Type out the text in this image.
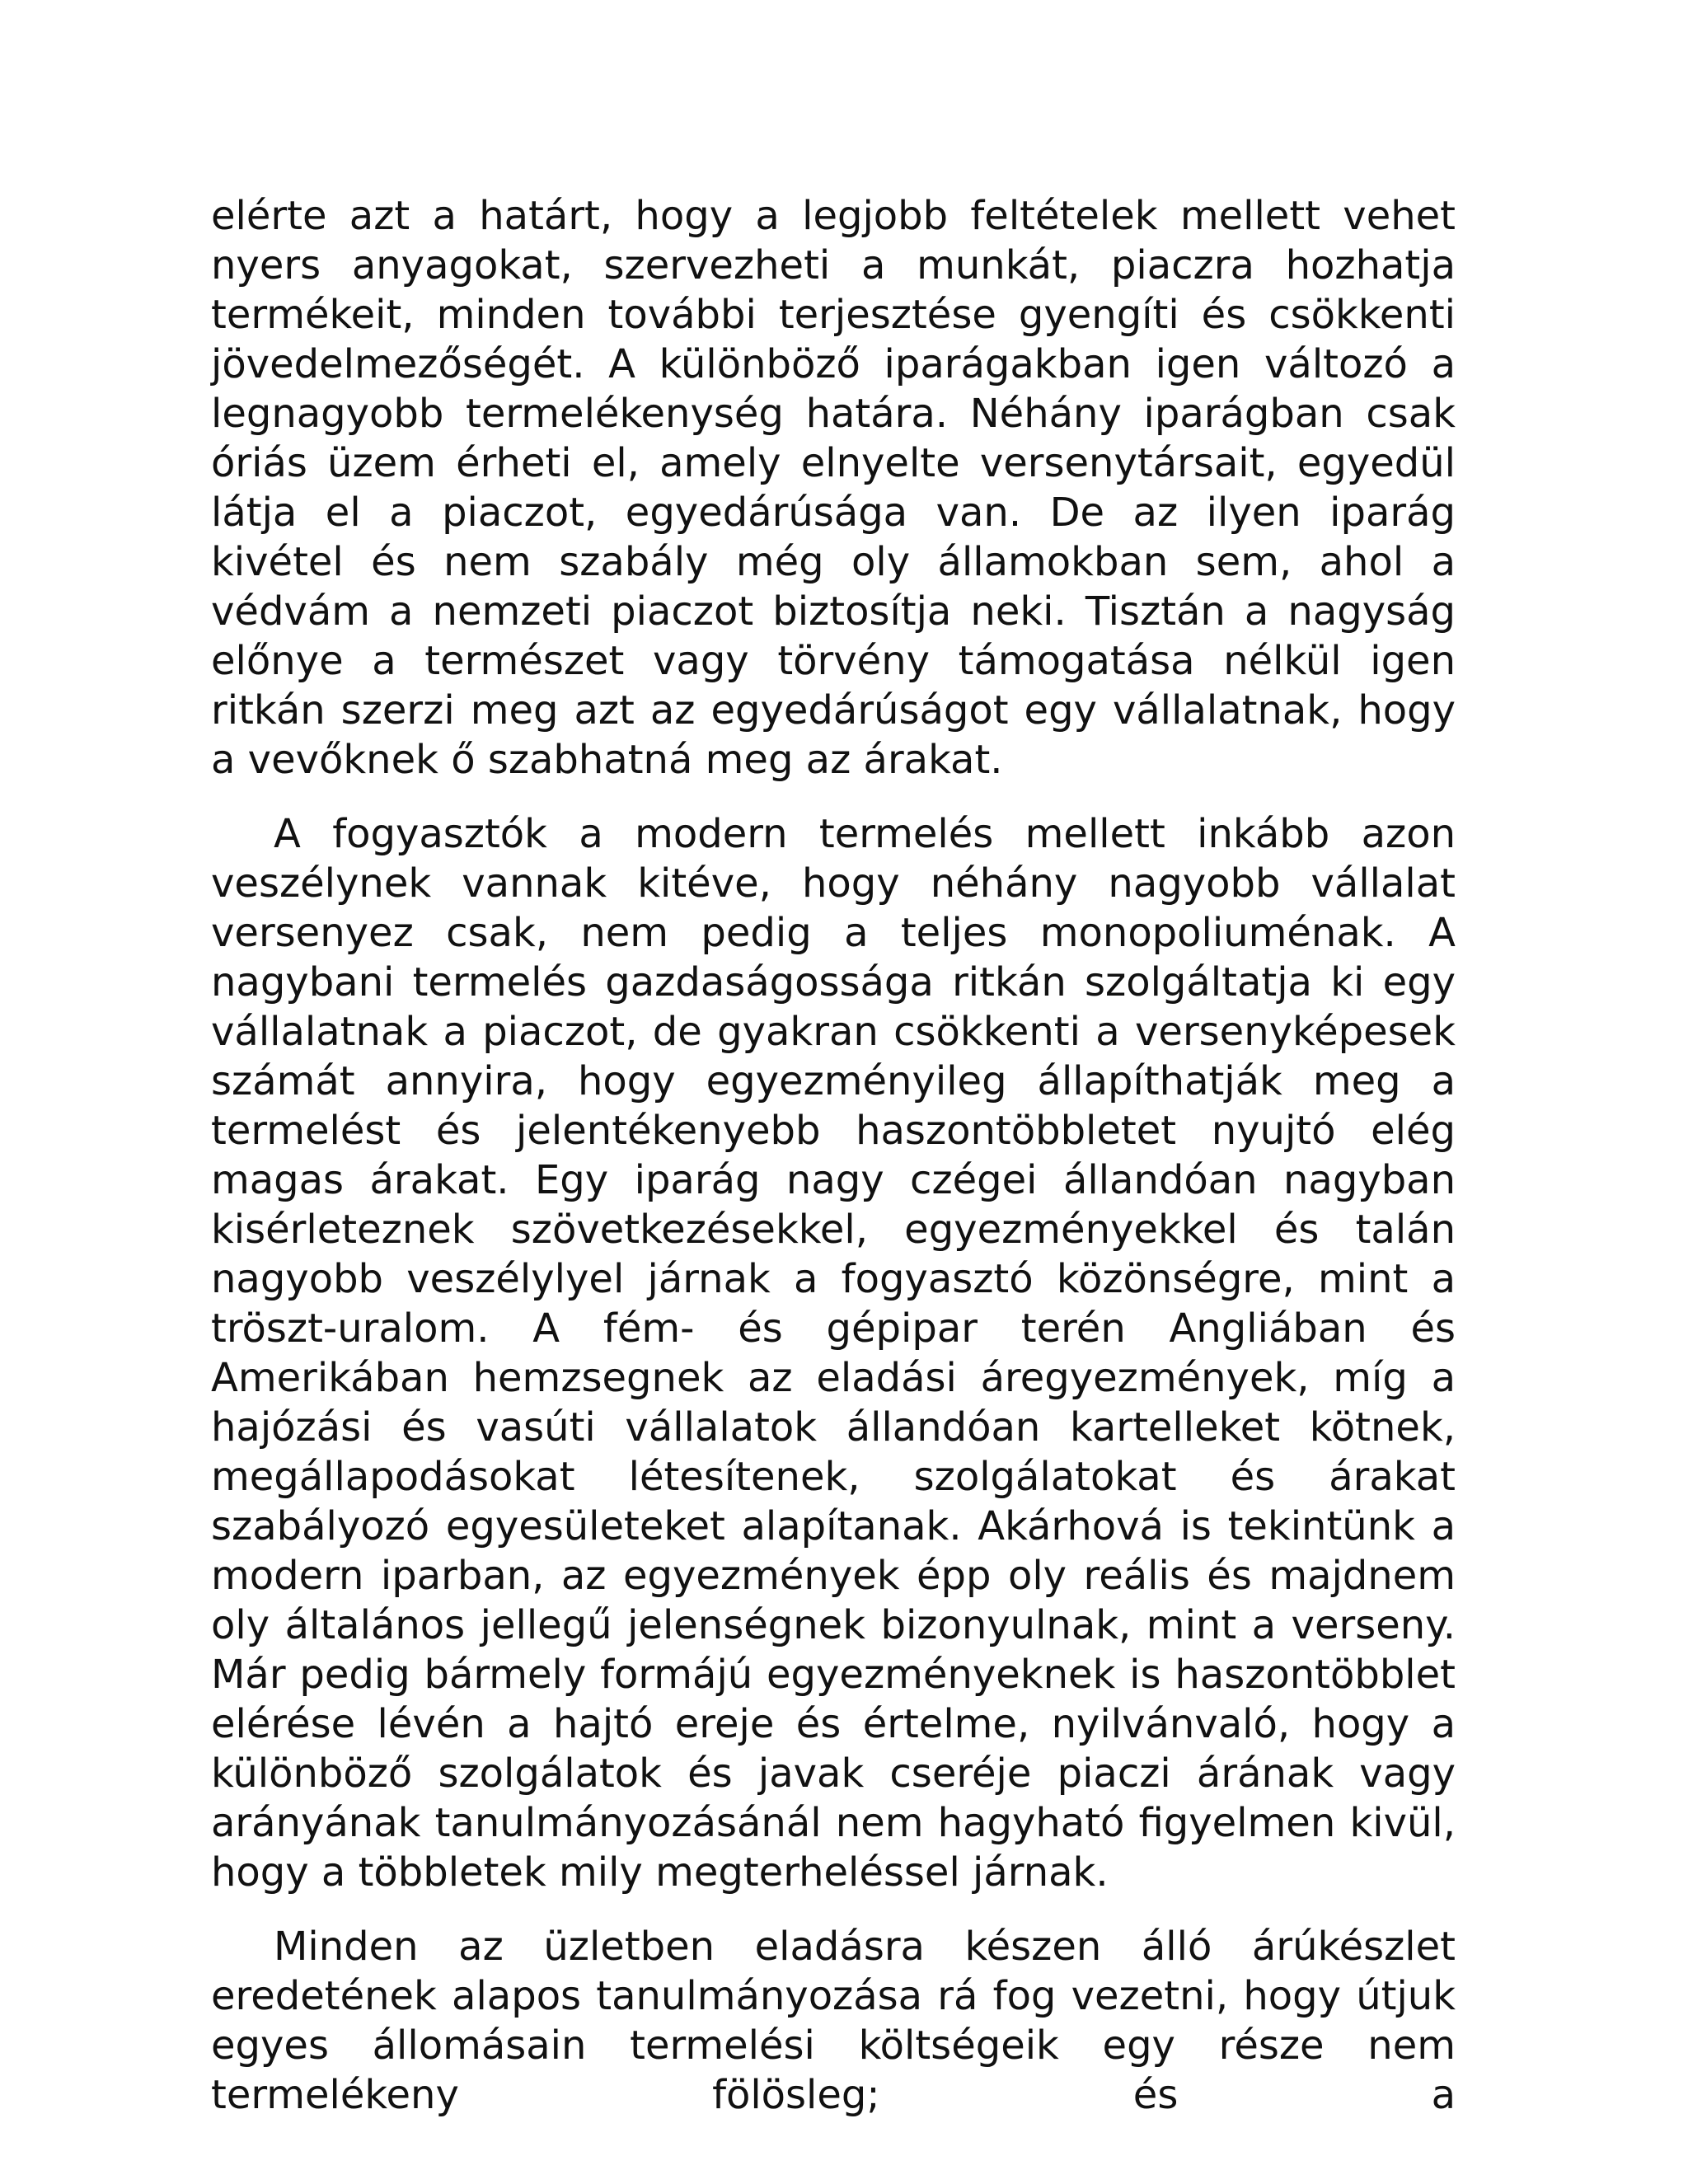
elérte azt a határt, hogy a legjobb feltételek mellett vehet nyers anyagokat, szervezheti a munkát, piaczra hozhatja termékeit, minden további terjesztése gyengíti és csökkenti jövedelmezőségét. A különböző iparágakban igen változó a legnagyobb termelékenység határa. Néhány iparágban csak óriás üzem érheti el, amely elnyelte versenytársait, egyedül látja el a piaczot, egyedárúsága van. De az ilyen iparág kivétel és nem szabály még oly államokban sem, ahol a védvám a nemzeti piaczot biztosítja neki. Tisztán a nagyság előnye a természet vagy törvény támogatása nélkül igen ritkán szerzi meg azt az egyedárúságot egy vállalatnak, hogy a vevőknek ő szabhatná meg az árakat.

A fogyasztók a modern termelés mellett inkább azon veszélynek vannak kitéve, hogy néhány nagyobb vállalat versenyez csak, nem pedig a teljes monopoliuménak. A nagybani termelés gazdaságossága ritkán szolgáltatja ki egy vállalatnak a piaczot, de gyakran csökkenti a versenyképesek számát annyira, hogy egyezményileg állapíthatják meg a termelést és jelentékenyebb haszontöbbletet nyujtó elég magas árakat. Egy iparág nagy czégei állandóan nagyban kisérleteznek szövetkezésekkel, egyezményekkel és talán nagyobb veszélylyel járnak a fogyasztó közönségre, mint a tröszt-uralom. A fém- és gépipar terén Angliában és Amerikában hemzsegnek az eladási áregyezmények, míg a hajózási és vasúti vállalatok állandóan kartelleket kötnek, megállapodásokat létesítenek, szolgálatokat és árakat szabályozó egyesületeket alapítanak. Akárhová is tekintünk a modern iparban, az egyezmények épp oly reális és majdnem oly általános jellegű jelenségnek bizonyulnak, mint a verseny. Már pedig bármely formájú egyezményeknek is haszontöbblet elérése lévén a hajtó ereje és értelme, nyilvánvaló, hogy a különböző szolgálatok és javak cseréje piaczi árának vagy arányának tanulmányozásánál nem hagyható figyelmen kivül, hogy a többletek mily megterheléssel járnak.

Minden az üzletben eladásra készen álló árúkészlet eredetének alapos tanulmányozása rá fog vezetni, hogy útjuk egyes állomásain termelési költségeik egy része nem termelékeny fölösleg; és a
